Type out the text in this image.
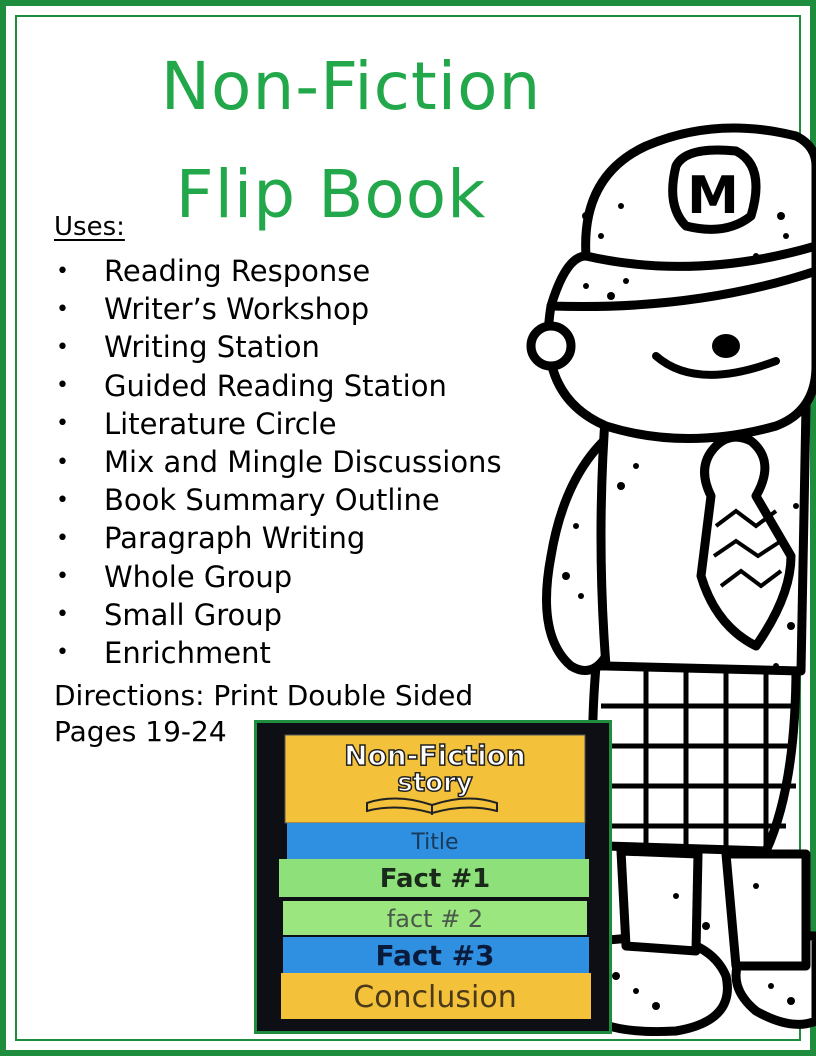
Non-Fiction
Flip Book
Uses:
•	Reading Response
•	Writer’s Workshop
•	Writing Station
•	Guided Reading Station
•	Literature Circle
•	Mix and Mingle Discussions
•	Book Summary Outline
•	Paragraph Writing
•	Whole Group
•	Small Group
•	Enrichment
Directions: Print Double Sided
Pages 19-24
M
Non-Fiction
story
Title
Fact #1
fact # 2
Fact #3
Conclusion
